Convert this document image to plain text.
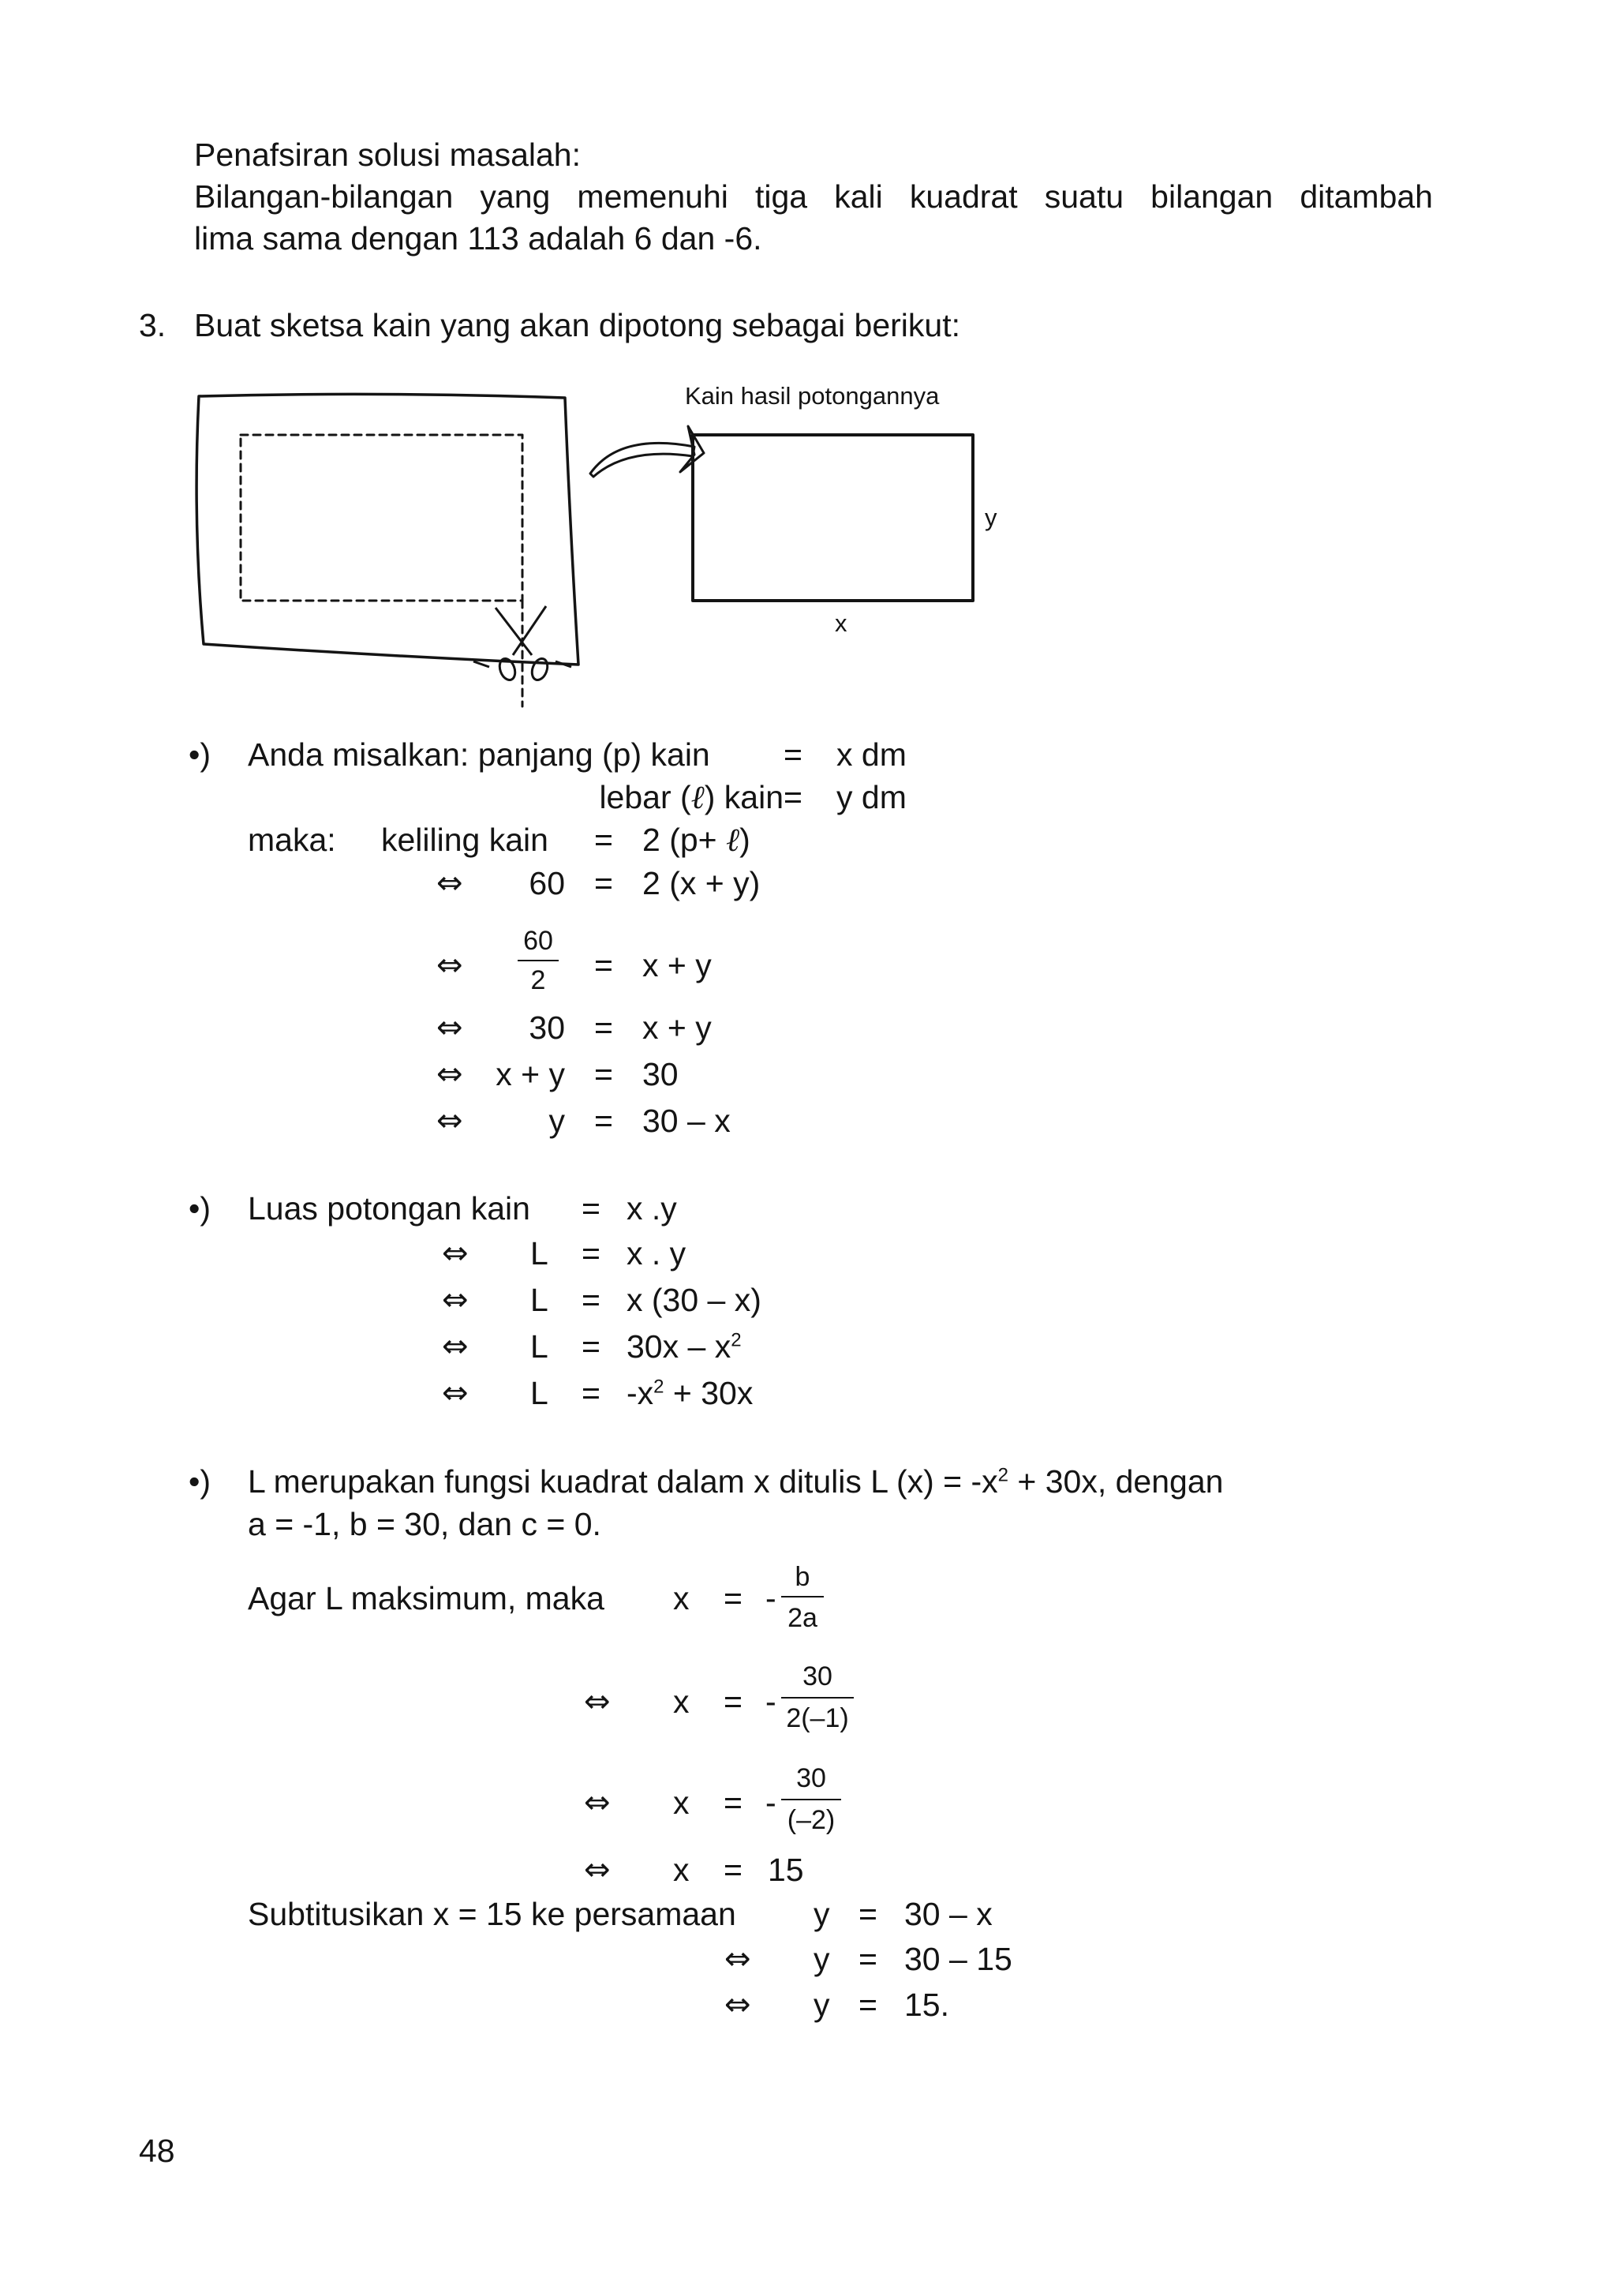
Penafsiran solusi masalah:
Bilangan-bilangan yang memenuhi tiga kali kuadrat suatu bilangan ditambah
lima sama dengan 113 adalah 6 dan -6.
3. Buat sketsa kain yang akan dipotong sebagai berikut:
Kain hasil potongannya
y
x
•) Anda misalkan: panjang (p) kain = x dm
lebar (ℓ) kain = y dm
maka: keliling kain = 2 (p+ ℓ)
⇔ 60 = 2 (x + y)
⇔
60
2	= x + y
⇔ 30 = x + y
⇔ x + y = 30
⇔	y = 30 – x
•) Luas potongan kain = x .y
⇔ L = x . y
⇔ L = x (30 – x)
⇔ $L = 30x - x^2$
⇔ $L = -x^2 + 30x$
•) L merupakan fungsi kuadrat dalam x ditulis L $(x) = -x^2 + 30x$, dengan
a = -1, b = 30, dan c = 0.
Agar L maksimum, maka x = -
b
2a
⇔ x = -
30
2(–1)
⇔ x = -
30
(–2)
⇔ x = 15
Subtitusikan x = 15 ke persamaan y = 30 – x
⇔ y = 30 – 15
⇔ y = 15.
48
